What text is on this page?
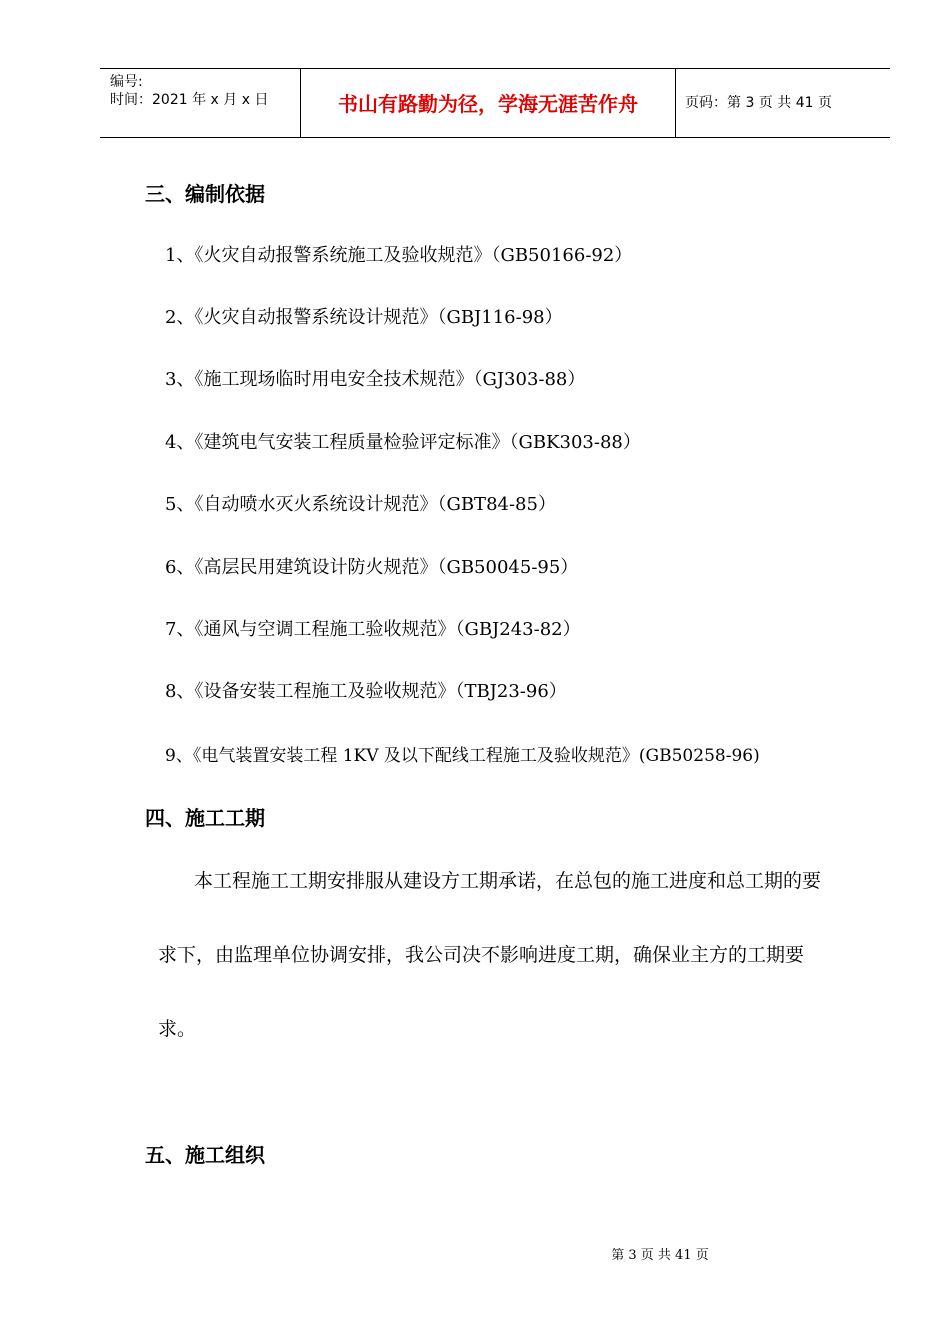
编号:
时间：2021 年 x 月 x 日	书山有路勤为径，学海无涯苦作舟	页码：第 3 页 共 41 页
三、编制依据
1、《火灾自动报警系统施工及验收规范》（GB50166-92）
2、《火灾自动报警系统设计规范》（GBJ116-98）
3、《施工现场临时用电安全技术规范》（GJ303-88）
4、《建筑电气安装工程质量检验评定标准》（GBK303-88）
5、《自动喷水灭火系统设计规范》（GBT84-85）
6、《高层民用建筑设计防火规范》（GB50045-95）
7、《通风与空调工程施工验收规范》（GBJ243-82）
8、《设备安装工程施工及验收规范》（TBJ23-96）
9、《电气装置安装工程 1KV 及以下配线工程施工及验收规范》(GB50258-96)
四、施工工期
本工程施工工期安排服从建设方工期承诺，在总包的施工进度和总工期的要
求下，由监理单位协调安排，我公司决不影响进度工期，确保业主方的工期要
求。
五、施工组织
第 3 页 共 41 页
